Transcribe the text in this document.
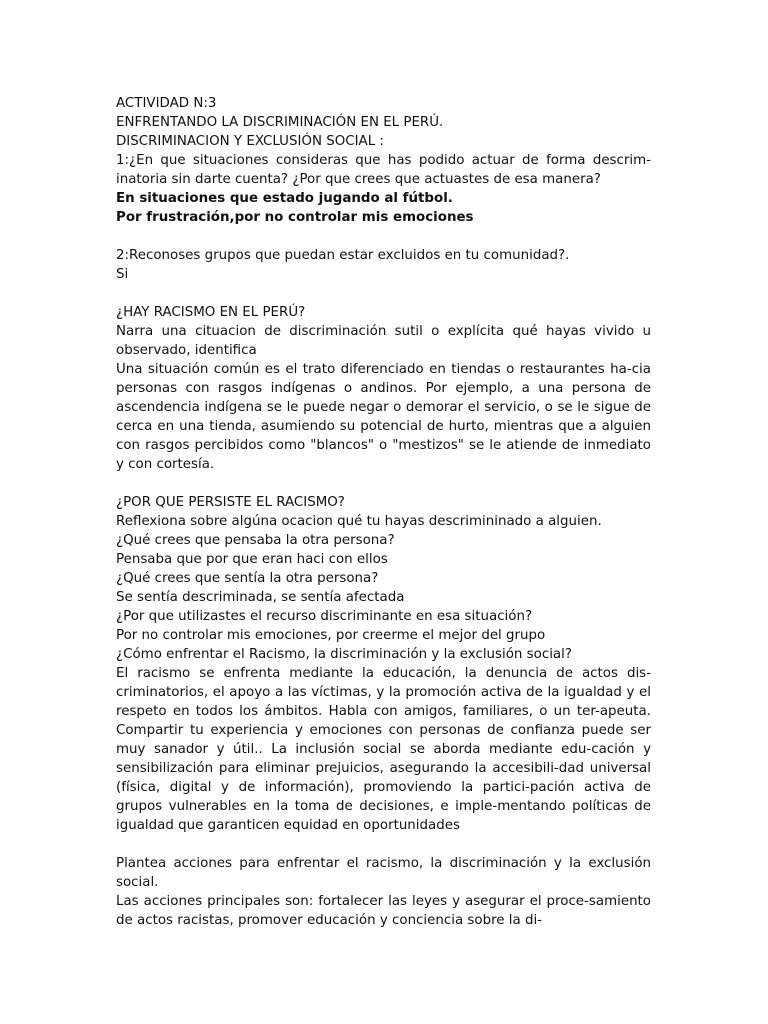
ACTIVIDAD N:3

ENFRENTANDO LA DISCRIMINACIÓN EN EL PERÚ.

DISCRIMINACION Y EXCLUSIÓN SOCIAL :

1:¿En que situaciones consideras que has podido actuar de forma descrim-inatoria sin darte cuenta? ¿Por que crees que actuastes de esa manera?

En situaciones que estado jugando al fútbol.

Por frustración,por no controlar mis emociones

2:Reconoses grupos que puedan estar excluidos en tu comunidad?.

Si

¿HAY RACISMO EN EL PERÚ?

Narra una cituacion de discriminación sutil o explícita qué hayas vivido u observado, identifica

Una situación común es el trato diferenciado en tiendas o restaurantes ha-cia personas con rasgos indígenas o andinos. Por ejemplo, a una persona de ascendencia indígena se le puede negar o demorar el servicio, o se le sigue de cerca en una tienda, asumiendo su potencial de hurto, mientras que a alguien con rasgos percibidos como "blancos" o "mestizos" se le atiende de inmediato y con cortesía.

¿POR QUE PERSISTE EL RACISMO?

Reflexiona sobre algúna ocacion qué tu hayas descrimininado a alguien.

¿Qué crees que pensaba la otra persona?

Pensaba que por que eran haci con ellos

¿Qué crees que sentía la otra persona?

Se sentía descriminada, se sentía afectada

¿Por que utilizastes el recurso discriminante en esa situación?

Por no controlar mis emociones, por creerme el mejor del grupo

¿Cómo enfrentar el Racismo, la discriminación y la exclusión social?

El racismo se enfrenta mediante la educación, la denuncia de actos dis-criminatorios, el apoyo a las víctimas, y la promoción activa de la igualdad y el respeto en todos los ámbitos. Habla con amigos, familiares, o un ter-apeuta. Compartir tu experiencia y emociones con personas de confianza puede ser muy sanador y útil.. La inclusión social se aborda mediante edu-cación y sensibilización para eliminar prejuicios, asegurando la accesibili-dad universal (física, digital y de información), promoviendo la partici-pación activa de grupos vulnerables en la toma de decisiones, e imple-mentando políticas de igualdad que garanticen equidad en oportunidades

Plantea acciones para enfrentar el racismo, la discriminación y la exclusión social.

Las acciones principales son: fortalecer las leyes y asegurar el proce-samiento de actos racistas, promover educación y conciencia sobre la di-
